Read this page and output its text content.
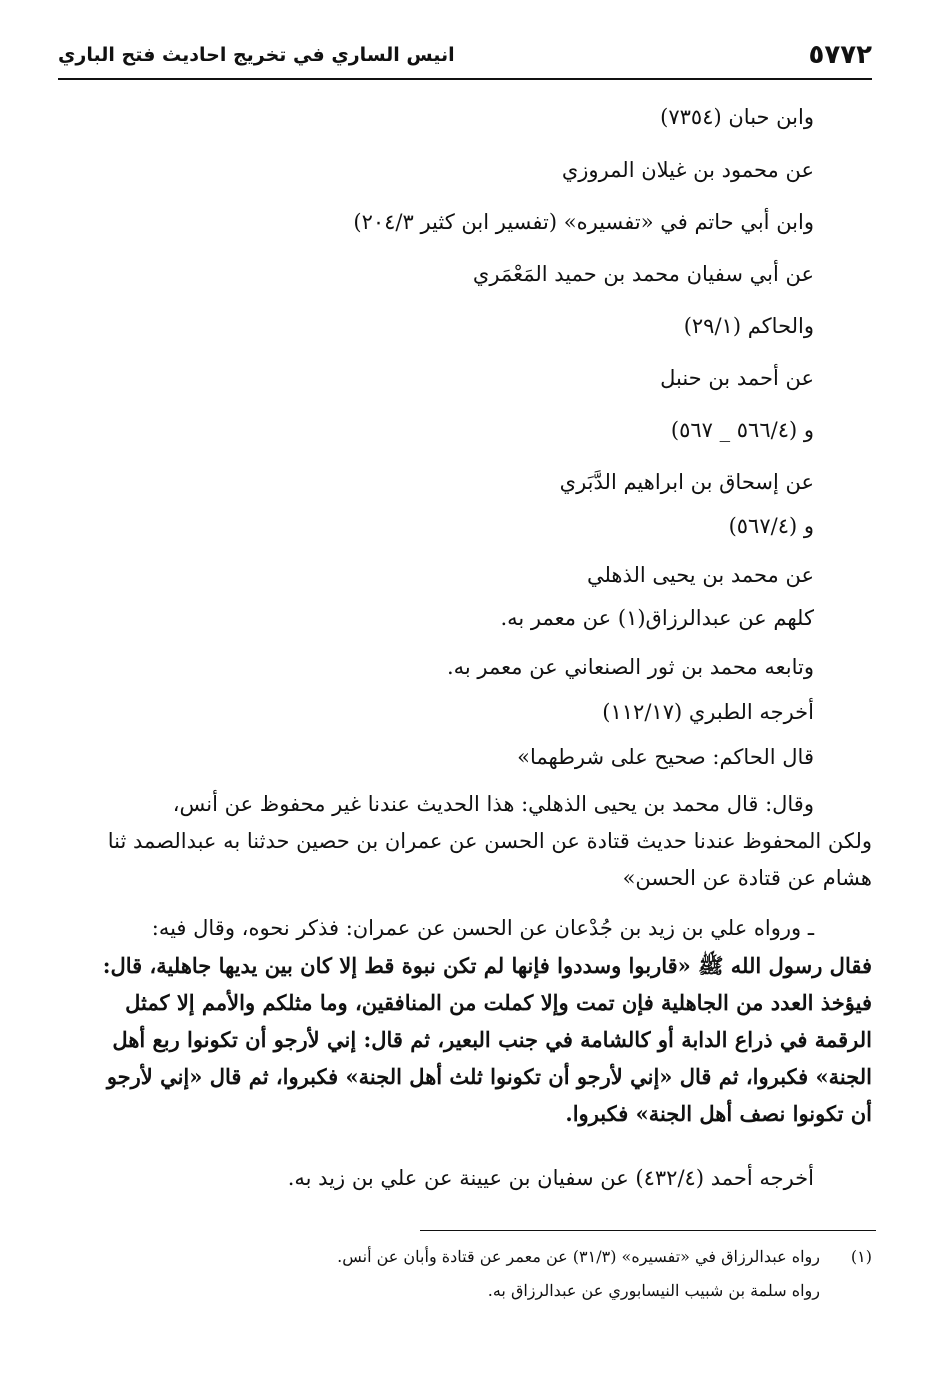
٥٧٧٢
انيس الساري في تخريج احاديث فتح الباري
وابن حبان (٧٣٥٤)
عن محمود بن غيلان المروزي
وابن أبي حاتم في «تفسيره» (تفسير ابن كثير ٢٠٤/٣)
عن أبي سفيان محمد بن حميد المَعْمَري
والحاكم (٢٩/١)
عن أحمد بن حنبل
و (٥٦٦/٤ _ ٥٦٧)
عن إسحاق بن ابراهيم الدَّبَري
و (٥٦٧/٤)
عن محمد بن يحيى الذهلي
كلهم عن عبدالرزاق(١) عن معمر به.
وتابعه محمد بن ثور الصنعاني عن معمر به.
أخرجه الطبري (١١٢/١٧)
قال الحاكم: صحيح على شرطهما»
وقال: قال محمد بن يحيى الذهلي: هذا الحديث عندنا غير محفوظ عن أنس،
ولكن المحفوظ عندنا حديث قتادة عن الحسن عن عمران بن حصين حدثنا به عبدالصمد ثنا
هشام عن قتادة عن الحسن»
ـ ورواه علي بن زيد بن جُدْعان عن الحسن عن عمران: فذكر نحوه، وقال فيه:
فقال رسول الله ﷺ «قاربوا وسددوا فإنها لم تكن نبوة قط إلا كان بين يديها جاهلية، قال:
فيؤخذ العدد من الجاهلية فإن تمت وإلا كملت من المنافقين، وما مثلكم والأمم إلا كمثل
الرقمة في ذراع الدابة أو كالشامة في جنب البعير، ثم قال: إني لأرجو أن تكونوا ربع أهل
الجنة» فكبروا، ثم قال «إني لأرجو أن تكونوا ثلث أهل الجنة» فكبروا، ثم قال «إني لأرجو
أن تكونوا نصف أهل الجنة» فكبروا.
أخرجه أحمد (٤٣٢/٤) عن سفيان بن عيينة عن علي بن زيد به.
(١)
رواه عبدالرزاق في «تفسيره» (٣١/٣) عن معمر عن قتادة وأبان عن أنس.
رواه سلمة بن شبيب النيسابوري عن عبدالرزاق به.
